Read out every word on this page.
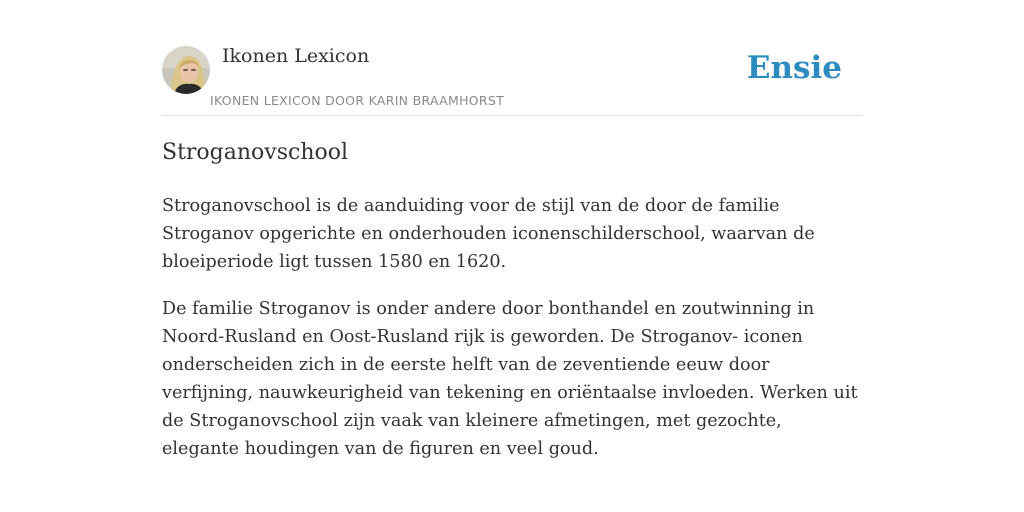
Ikonen Lexicon
IKONEN LEXICON DOOR KARIN BRAAMHORST
Ensie
Stroganovschool

Stroganovschool is de aanduiding voor de stijl van de door de familie Stroganov opgerichte en onderhouden iconenschilderschool, waarvan de bloeiperiode ligt tussen 1580 en 1620.

De familie Stroganov is onder andere door bonthandel en zoutwinning in Noord-Rusland en Oost-Rusland rijk is geworden. De Stroganov- iconen onderscheiden zich in de eerste helft van de zeventiende eeuw door verfijning, nauwkeurigheid van tekening en oriëntaalse invloeden. Werken uit de Stroganovschool zijn vaak van kleinere afmetingen, met gezochte, elegante houdingen van de figuren en veel goud.
